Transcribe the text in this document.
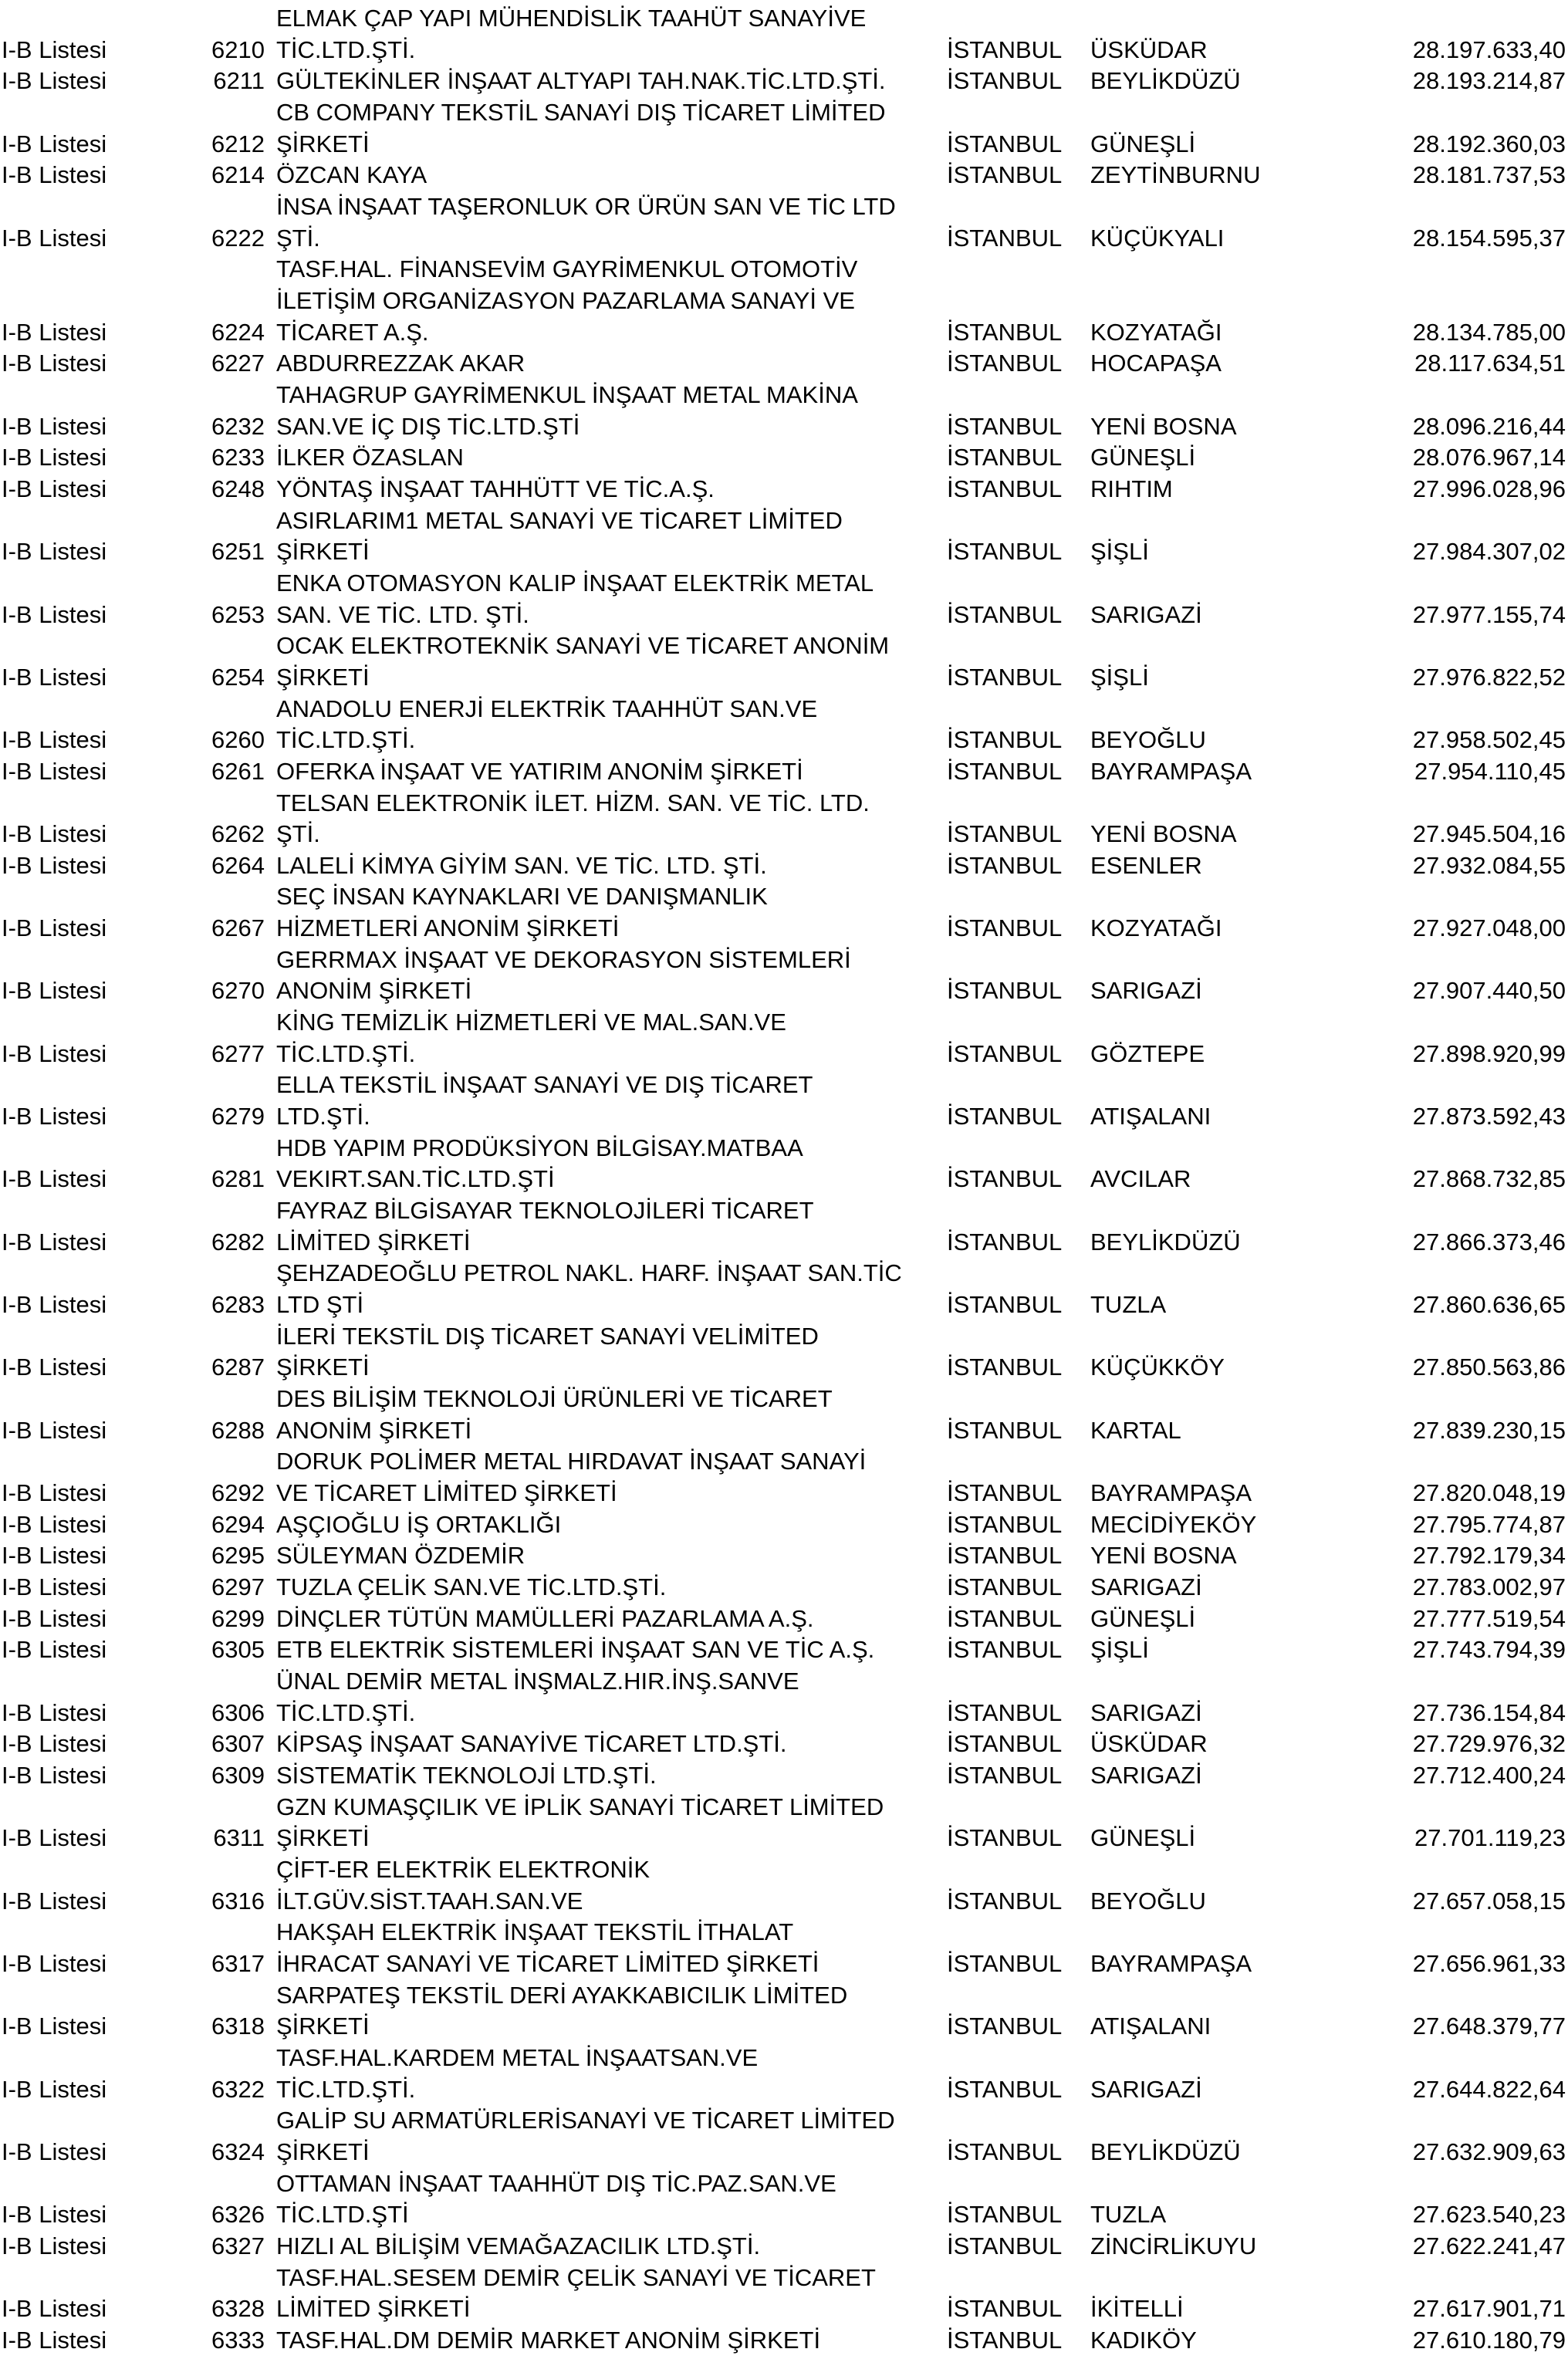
ELMAK ÇAP YAPI MÜHENDİSLİK TAAHÜT SANAYİVE
I-B Listesi	6210 TİC.LTD.ŞTİ.	İSTANBUL ÜSKÜDAR	28.197.633,40
I-B Listesi	6211 GÜLTEKİNLER İNŞAAT ALTYAPI TAH.NAK.TİC.LTD.ŞTİ.	İSTANBUL BEYLİKDÜZÜ	28.193.214,87
CB COMPANY TEKSTİL SANAYİ DIŞ TİCARET LİMİTED
I-B Listesi	6212 ŞİRKETİ	İSTANBUL GÜNEŞLİ	28.192.360,03
I-B Listesi	6214 ÖZCAN KAYA	İSTANBUL ZEYTİNBURNU	28.181.737,53
İNSA İNŞAAT TAŞERONLUK OR ÜRÜN SAN VE TİC LTD
I-B Listesi	6222 ŞTİ.	İSTANBUL KÜÇÜKYALI	28.154.595,37
TASF.HAL. FİNANSEVİM GAYRİMENKUL OTOMOTİV
İLETİŞİM ORGANİZASYON PAZARLAMA SANAYİ VE
I-B Listesi	6224 TİCARET A.Ş.	İSTANBUL KOZYATAĞI	28.134.785,00
I-B Listesi	6227 ABDURREZZAK AKAR	İSTANBUL HOCAPAŞA	28.117.634,51
TAHAGRUP GAYRİMENKUL İNŞAAT METAL MAKİNA
I-B Listesi	6232 SAN.VE İÇ DIŞ TİC.LTD.ŞTİ	İSTANBUL YENİ BOSNA	28.096.216,44
I-B Listesi	6233 İLKER ÖZASLAN	İSTANBUL GÜNEŞLİ	28.076.967,14
I-B Listesi	6248 YÖNTAŞ İNŞAAT TAHHÜTT VE TİC.A.Ş.	İSTANBUL RIHTIM	27.996.028,96
ASIRLARIM1 METAL SANAYİ VE TİCARET LİMİTED
I-B Listesi	6251 ŞİRKETİ	İSTANBUL ŞİŞLİ	27.984.307,02
ENKA OTOMASYON KALIP İNŞAAT ELEKTRİK METAL
I-B Listesi	6253 SAN. VE TİC. LTD. ŞTİ.	İSTANBUL SARIGAZİ	27.977.155,74
OCAK ELEKTROTEKNİK SANAYİ VE TİCARET ANONİM
I-B Listesi	6254 ŞİRKETİ	İSTANBUL ŞİŞLİ	27.976.822,52
ANADOLU ENERJİ ELEKTRİK TAAHHÜT SAN.VE
I-B Listesi	6260 TİC.LTD.ŞTİ.	İSTANBUL BEYOĞLU	27.958.502,45
I-B Listesi	6261 OFERKA İNŞAAT VE YATIRIM ANONİM ŞİRKETİ	İSTANBUL BAYRAMPAŞA	27.954.110,45
TELSAN ELEKTRONİK İLET. HİZM. SAN. VE TİC. LTD.
I-B Listesi	6262 ŞTİ.	İSTANBUL YENİ BOSNA	27.945.504,16
I-B Listesi	6264 LALELİ KİMYA GİYİM SAN. VE TİC. LTD. ŞTİ.	İSTANBUL ESENLER	27.932.084,55
SEÇ İNSAN KAYNAKLARI VE DANIŞMANLIK
I-B Listesi	6267 HİZMETLERİ ANONİM ŞİRKETİ	İSTANBUL KOZYATAĞI	27.927.048,00
GERRMAX İNŞAAT VE DEKORASYON SİSTEMLERİ
I-B Listesi	6270 ANONİM ŞİRKETİ	İSTANBUL SARIGAZİ	27.907.440,50
KİNG TEMİZLİK HİZMETLERİ VE MAL.SAN.VE
I-B Listesi	6277 TİC.LTD.ŞTİ.	İSTANBUL GÖZTEPE	27.898.920,99
ELLA TEKSTİL İNŞAAT SANAYİ VE DIŞ TİCARET
I-B Listesi	6279 LTD.ŞTİ.	İSTANBUL ATIŞALANI	27.873.592,43
HDB YAPIM PRODÜKSİYON BİLGİSAY.MATBAA
I-B Listesi	6281 VEKIRT.SAN.TİC.LTD.ŞTİ	İSTANBUL AVCILAR	27.868.732,85
FAYRAZ BİLGİSAYAR TEKNOLOJİLERİ TİCARET
I-B Listesi	6282 LİMİTED ŞİRKETİ	İSTANBUL BEYLİKDÜZÜ	27.866.373,46
ŞEHZADEOĞLU PETROL NAKL. HARF. İNŞAAT SAN.TİC
I-B Listesi	6283 LTD ŞTİ	İSTANBUL TUZLA	27.860.636,65
İLERİ TEKSTİL DIŞ TİCARET SANAYİ VELİMİTED
I-B Listesi	6287 ŞİRKETİ	İSTANBUL KÜÇÜKKÖY	27.850.563,86
DES BİLİŞİM TEKNOLOJİ ÜRÜNLERİ VE TİCARET
I-B Listesi	6288 ANONİM ŞİRKETİ	İSTANBUL KARTAL	27.839.230,15
DORUK POLİMER METAL HIRDAVAT İNŞAAT SANAYİ
I-B Listesi	6292 VE TİCARET LİMİTED ŞİRKETİ	İSTANBUL BAYRAMPAŞA	27.820.048,19
I-B Listesi	6294 AŞÇIOĞLU İŞ ORTAKLIĞI	İSTANBUL MECİDİYEKÖY	27.795.774,87
I-B Listesi	6295 SÜLEYMAN ÖZDEMİR	İSTANBUL YENİ BOSNA	27.792.179,34
I-B Listesi	6297 TUZLA ÇELİK SAN.VE TİC.LTD.ŞTİ.	İSTANBUL SARIGAZİ	27.783.002,97
I-B Listesi	6299 DİNÇLER TÜTÜN MAMÜLLERİ PAZARLAMA A.Ş.	İSTANBUL GÜNEŞLİ	27.777.519,54
I-B Listesi	6305 ETB ELEKTRİK SİSTEMLERİ İNŞAAT SAN VE TİC A.Ş.	İSTANBUL ŞİŞLİ	27.743.794,39
ÜNAL DEMİR METAL İNŞMALZ.HIR.İNŞ.SANVE
I-B Listesi	6306 TİC.LTD.ŞTİ.	İSTANBUL SARIGAZİ	27.736.154,84
I-B Listesi	6307 KİPSAŞ İNŞAAT SANAYİVE TİCARET LTD.ŞTİ.	İSTANBUL ÜSKÜDAR	27.729.976,32
I-B Listesi	6309 SİSTEMATİK TEKNOLOJİ LTD.ŞTİ.	İSTANBUL SARIGAZİ	27.712.400,24
GZN KUMAŞÇILIK VE İPLİK SANAYİ TİCARET LİMİTED
I-B Listesi	6311 ŞİRKETİ	İSTANBUL GÜNEŞLİ	27.701.119,23
ÇİFT-ER ELEKTRİK ELEKTRONİK
I-B Listesi	6316 İLT.GÜV.SİST.TAAH.SAN.VE	İSTANBUL BEYOĞLU	27.657.058,15
HAKŞAH ELEKTRİK İNŞAAT TEKSTİL İTHALAT
I-B Listesi	6317 İHRACAT SANAYİ VE TİCARET LİMİTED ŞİRKETİ	İSTANBUL BAYRAMPAŞA	27.656.961,33
SARPATEŞ TEKSTİL DERİ AYAKKABICILIK LİMİTED
I-B Listesi	6318 ŞİRKETİ	İSTANBUL ATIŞALANI	27.648.379,77
TASF.HAL.KARDEM METAL İNŞAATSAN.VE
I-B Listesi	6322 TİC.LTD.ŞTİ.	İSTANBUL SARIGAZİ	27.644.822,64
GALİP SU ARMATÜRLERİSANAYİ VE TİCARET LİMİTED
I-B Listesi	6324 ŞİRKETİ	İSTANBUL BEYLİKDÜZÜ	27.632.909,63
OTTAMAN İNŞAAT TAAHHÜT DIŞ TİC.PAZ.SAN.VE
I-B Listesi	6326 TİC.LTD.ŞTİ	İSTANBUL TUZLA	27.623.540,23
I-B Listesi	6327 HIZLI AL BİLİŞİM VEMAĞAZACILIK LTD.ŞTİ.	İSTANBUL ZİNCİRLİKUYU	27.622.241,47
TASF.HAL.SESEM DEMİR ÇELİK SANAYİ VE TİCARET
I-B Listesi	6328 LİMİTED ŞİRKETİ	İSTANBUL İKİTELLİ	27.617.901,71
I-B Listesi	6333 TASF.HAL.DM DEMİR MARKET ANONİM ŞİRKETİ	İSTANBUL KADIKÖY	27.610.180,79
